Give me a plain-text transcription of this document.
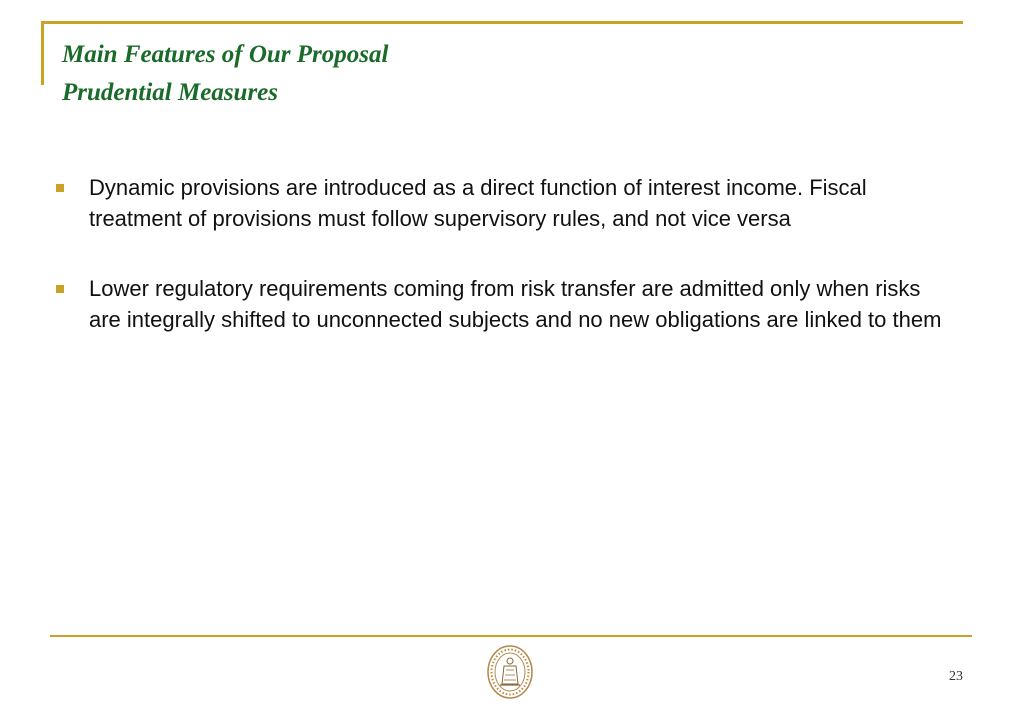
Main Features of Our Proposal
Prudential Measures
Dynamic provisions are introduced as a direct function of interest income. Fiscal treatment of provisions must follow supervisory rules, and not vice versa
Lower regulatory requirements coming from risk transfer are admitted only when risks are integrally shifted to unconnected subjects and no new obligations are linked to them
23
